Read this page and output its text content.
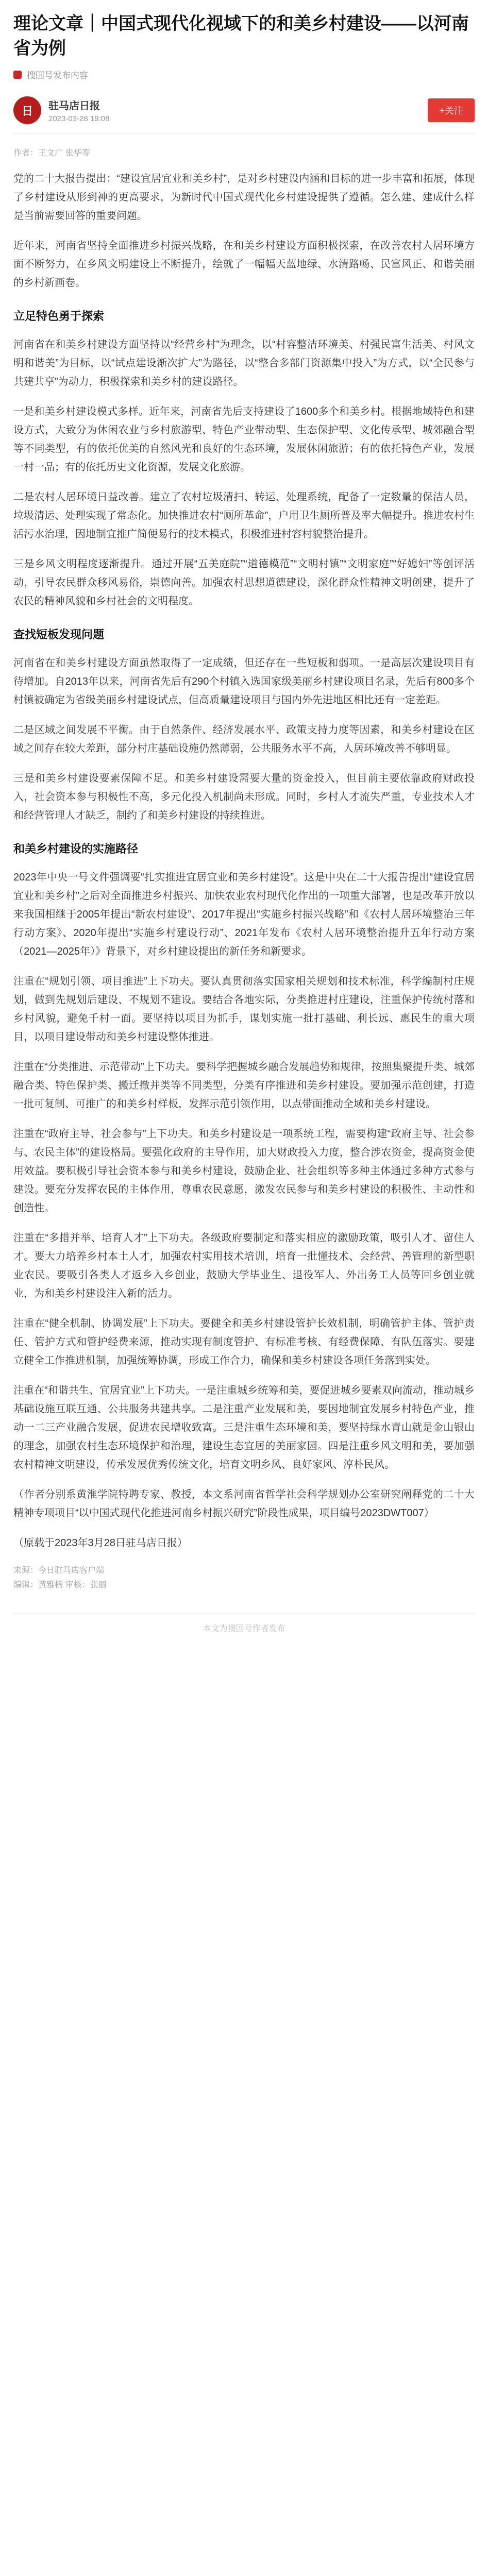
理论文章｜中国式现代化视域下的和美乡村建设——以河南省为例
搜国号发布内容
日	驻马店日报
2023-03-28 19:08
+关注
作者：王文广 张华等

党的二十大报告提出：“建设宜居宜业和美乡村”，是对乡村建设内涵和目标的进一步丰富和拓展，体现了乡村建设从形到神的更高要求，为新时代中国式现代化乡村建设提供了遵循。怎么建、建成什么样是当前需要回答的重要问题。

近年来，河南省坚持全面推进乡村振兴战略，在和美乡村建设方面积极探索，在改善农村人居环境方面不断努力，在乡风文明建设上不断提升，绘就了一幅幅天蓝地绿、水清路畅、民富风正、和谐美丽的乡村新画卷。

立足特色勇于探索

河南省在和美乡村建设方面坚持以“经营乡村”为理念，以“村容整洁环境美、村强民富生活美、村风文明和谐美”为目标，以“试点建设渐次扩大”为路径，以“整合多部门资源集中投入”为方式，以“全民参与共建共享”为动力，积极探索和美乡村的建设路径。

一是和美乡村建设模式多样。近年来，河南省先后支持建设了1600多个和美乡村。根据地域特色和建设方式，大致分为休闲农业与乡村旅游型、特色产业带动型、生态保护型、文化传承型、城郊融合型等不同类型，有的依托优美的自然风光和良好的生态环境，发展休闲旅游；有的依托特色产业，发展一村一品；有的依托历史文化资源，发展文化旅游。

二是农村人居环境日益改善。建立了农村垃圾清扫、转运、处理系统，配备了一定数量的保洁人员，垃圾清运、处理实现了常态化。加快推进农村“厕所革命”，户用卫生厕所普及率大幅提升。推进农村生活污水治理，因地制宜推广简便易行的技术模式，积极推进村容村貌整治提升。

三是乡风文明程度逐渐提升。通过开展“五美庭院”“道德模范”“文明村镇”“文明家庭”“好媳妇”等创评活动，引导农民群众移风易俗，崇德向善。加强农村思想道德建设，深化群众性精神文明创建，提升了农民的精神风貌和乡村社会的文明程度。

查找短板发现问题

河南省在和美乡村建设方面虽然取得了一定成绩，但还存在一些短板和弱项。一是高层次建设项目有待增加。自2013年以来，河南省先后有290个村镇入选国家级美丽乡村建设项目名录，先后有800多个村镇被确定为省级美丽乡村建设试点，但高质量建设项目与国内外先进地区相比还有一定差距。

二是区域之间发展不平衡。由于自然条件、经济发展水平、政策支持力度等因素，和美乡村建设在区域之间存在较大差距，部分村庄基础设施仍然薄弱，公共服务水平不高，人居环境改善不够明显。

三是和美乡村建设要素保障不足。和美乡村建设需要大量的资金投入，但目前主要依靠政府财政投入，社会资本参与积极性不高，多元化投入机制尚未形成。同时，乡村人才流失严重，专业技术人才和经营管理人才缺乏，制约了和美乡村建设的持续推进。

和美乡村建设的实施路径

2023年中央一号文件强调要“扎实推进宜居宜业和美乡村建设”。这是中央在二十大报告提出“建设宜居宜业和美乡村”之后对全面推进乡村振兴、加快农业农村现代化作出的一项重大部署，也是改革开放以来我国相继于2005年提出“新农村建设”、2017年提出“实施乡村振兴战略”和《农村人居环境整治三年行动方案》、2020年提出“实施乡村建设行动”、2021年发布《农村人居环境整治提升五年行动方案（2021—2025年）》背景下，对乡村建设提出的新任务和新要求。

注重在“规划引领、项目推进”上下功夫。要认真贯彻落实国家相关规划和技术标准，科学编制村庄规划，做到先规划后建设、不规划不建设。要结合各地实际，分类推进村庄建设，注重保护传统村落和乡村风貌，避免千村一面。要坚持以项目为抓手，谋划实施一批打基础、利长远、惠民生的重大项目，以项目建设带动和美乡村建设整体推进。

注重在“分类推进、示范带动”上下功夫。要科学把握城乡融合发展趋势和规律，按照集聚提升类、城郊融合类、特色保护类、搬迁撤并类等不同类型，分类有序推进和美乡村建设。要加强示范创建，打造一批可复制、可推广的和美乡村样板，发挥示范引领作用，以点带面推动全域和美乡村建设。

注重在“政府主导、社会参与”上下功夫。和美乡村建设是一项系统工程，需要构建“政府主导、社会参与、农民主体”的建设格局。要强化政府的主导作用，加大财政投入力度，整合涉农资金，提高资金使用效益。要积极引导社会资本参与和美乡村建设，鼓励企业、社会组织等多种主体通过多种方式参与建设。要充分发挥农民的主体作用，尊重农民意愿，激发农民参与和美乡村建设的积极性、主动性和创造性。

注重在“多措并举、培育人才”上下功夫。各级政府要制定和落实相应的激励政策，吸引人才、留住人才。要大力培养乡村本土人才，加强农村实用技术培训，培育一批懂技术、会经营、善管理的新型职业农民。要吸引各类人才返乡入乡创业，鼓励大学毕业生、退役军人、外出务工人员等回乡创业就业，为和美乡村建设注入新的活力。

注重在“健全机制、协调发展”上下功夫。要健全和美乡村建设管护长效机制，明确管护主体、管护责任、管护方式和管护经费来源，推动实现有制度管护、有标准考核、有经费保障、有队伍落实。要建立健全工作推进机制，加强统筹协调，形成工作合力，确保和美乡村建设各项任务落到实处。

注重在“和谐共生、宜居宜业”上下功夫。一是注重城乡统筹和美，要促进城乡要素双向流动，推动城乡基础设施互联互通、公共服务共建共享。二是注重产业发展和美，要因地制宜发展乡村特色产业，推动一二三产业融合发展，促进农民增收致富。三是注重生态环境和美，要坚持绿水青山就是金山银山的理念，加强农村生态环境保护和治理，建设生态宜居的美丽家园。四是注重乡风文明和美，要加强农村精神文明建设，传承发展优秀传统文化，培育文明乡风、良好家风、淳朴民风。

（作者分别系黄淮学院特聘专家、教授，本文系河南省哲学社会科学规划办公室研究阐释党的二十大精神专项项目“以中国式现代化推进河南乡村振兴研究”阶段性成果，项目编号2023DWT007）

（原载于2023年3月28日驻马店日报）

来源：今日驻马店客户端
编辑：黄雅楠 审核：张丽
本文为搜国号作者发布
